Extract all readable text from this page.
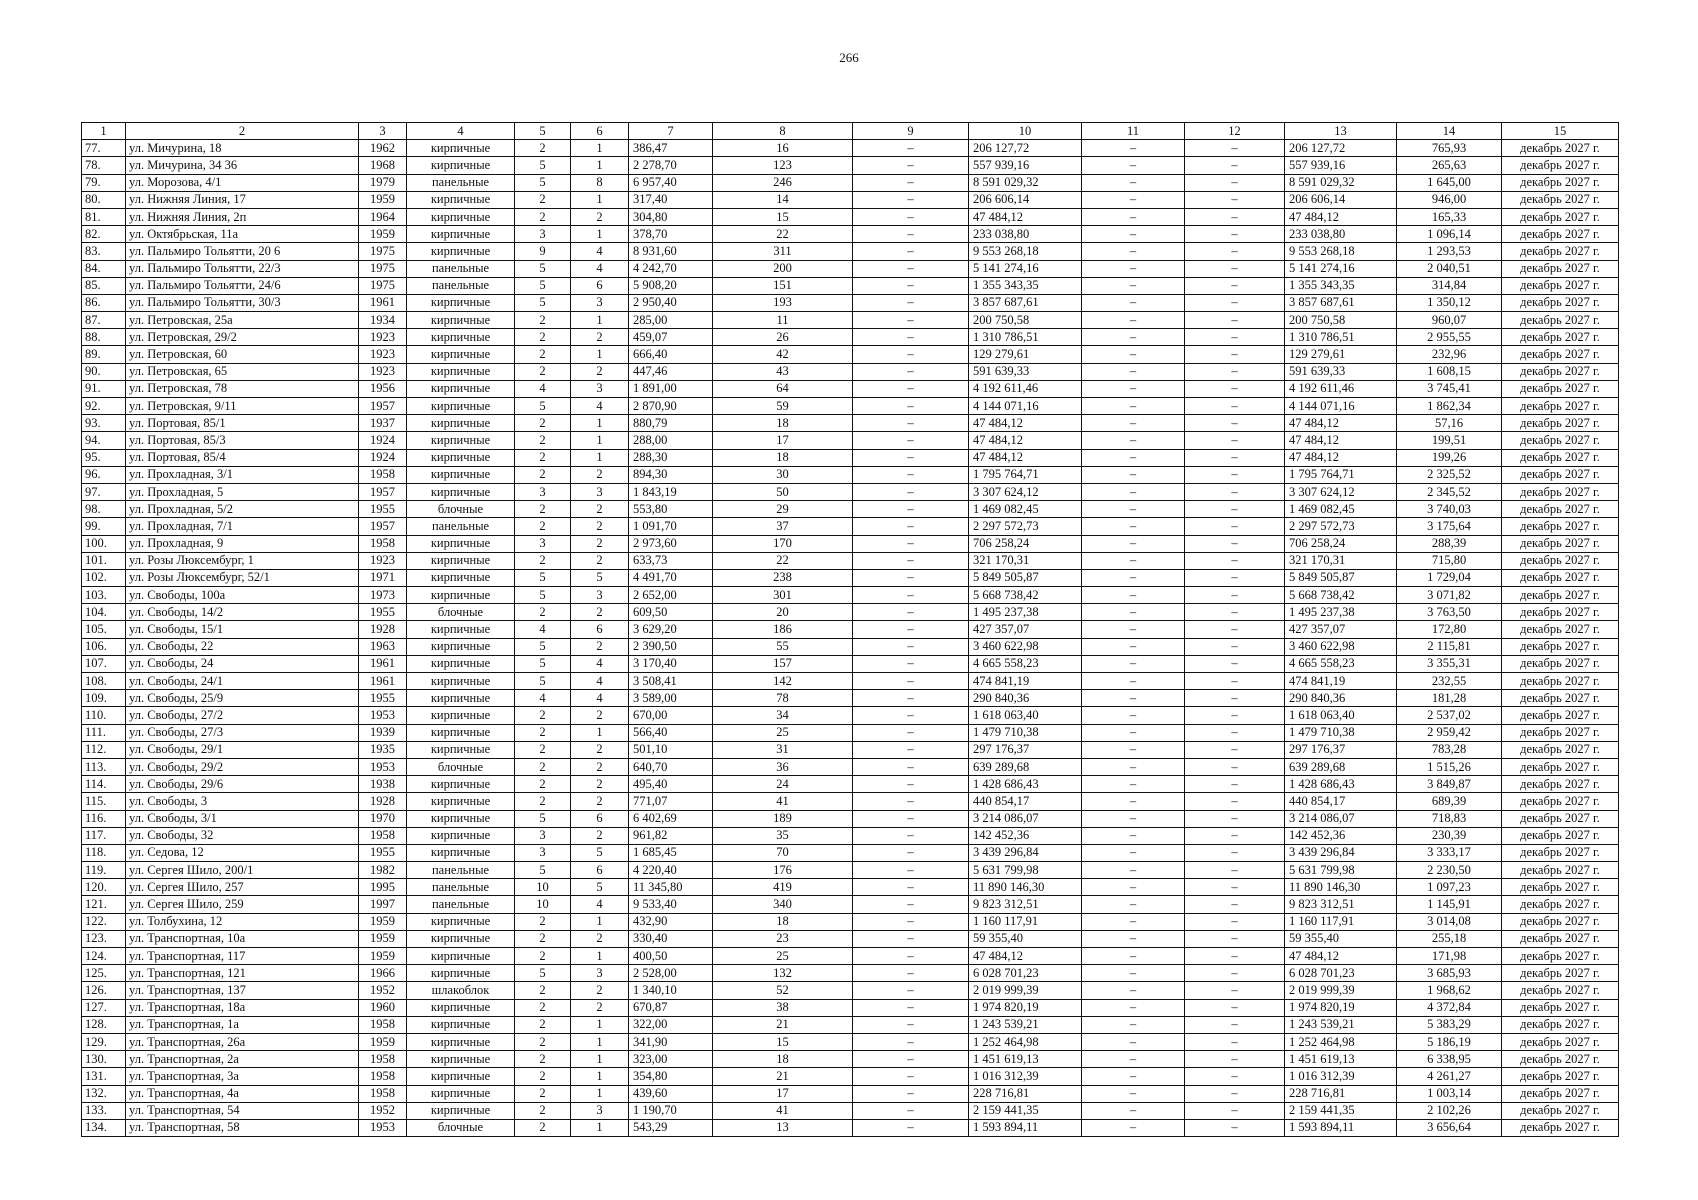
266
1	2	3	4	5	6	7	8	9	10	11	12	13	14	15
77.	ул. Мичурина, 18	1962	кирпичные	2	1	386,47	16	–	206 127,72	–	–	206 127,72	765,93	декабрь 2027 г.
78.	ул. Мичурина, 34 36	1968	кирпичные	5	1	2 278,70	123	–	557 939,16	–	–	557 939,16	265,63	декабрь 2027 г.
79.	ул. Морозова, 4/1	1979	панельные	5	8	6 957,40	246	–	8 591 029,32	–	–	8 591 029,32	1 645,00	декабрь 2027 г.
80.	ул. Нижняя Линия, 17	1959	кирпичные	2	1	317,40	14	–	206 606,14	–	–	206 606,14	946,00	декабрь 2027 г.
81.	ул. Нижняя Линия, 2п	1964	кирпичные	2	2	304,80	15	–	47 484,12	–	–	47 484,12	165,33	декабрь 2027 г.
82.	ул. Октябрьская, 11а	1959	кирпичные	3	1	378,70	22	–	233 038,80	–	–	233 038,80	1 096,14	декабрь 2027 г.
83.	ул. Пальмиро Тольятти, 20 6	1975	кирпичные	9	4	8 931,60	311	–	9 553 268,18	–	–	9 553 268,18	1 293,53	декабрь 2027 г.
84.	ул. Пальмиро Тольятти, 22/3	1975	панельные	5	4	4 242,70	200	–	5 141 274,16	–	–	5 141 274,16	2 040,51	декабрь 2027 г.
85.	ул. Пальмиро Тольятти, 24/6	1975	панельные	5	6	5 908,20	151	–	1 355 343,35	–	–	1 355 343,35	314,84	декабрь 2027 г.
86.	ул. Пальмиро Тольятти, 30/3	1961	кирпичные	5	3	2 950,40	193	–	3 857 687,61	–	–	3 857 687,61	1 350,12	декабрь 2027 г.
87.	ул. Петровская, 25а	1934	кирпичные	2	1	285,00	11	–	200 750,58	–	–	200 750,58	960,07	декабрь 2027 г.
88.	ул. Петровская, 29/2	1923	кирпичные	2	2	459,07	26	–	1 310 786,51	–	–	1 310 786,51	2 955,55	декабрь 2027 г.
89.	ул. Петровская, 60	1923	кирпичные	2	1	666,40	42	–	129 279,61	–	–	129 279,61	232,96	декабрь 2027 г.
90.	ул. Петровская, 65	1923	кирпичные	2	2	447,46	43	–	591 639,33	–	–	591 639,33	1 608,15	декабрь 2027 г.
91.	ул. Петровская, 78	1956	кирпичные	4	3	1 891,00	64	–	4 192 611,46	–	–	4 192 611,46	3 745,41	декабрь 2027 г.
92.	ул. Петровская, 9/11	1957	кирпичные	5	4	2 870,90	59	–	4 144 071,16	–	–	4 144 071,16	1 862,34	декабрь 2027 г.
93.	ул. Портовая, 85/1	1937	кирпичные	2	1	880,79	18	–	47 484,12	–	–	47 484,12	57,16	декабрь 2027 г.
94.	ул. Портовая, 85/3	1924	кирпичные	2	1	288,00	17	–	47 484,12	–	–	47 484,12	199,51	декабрь 2027 г.
95.	ул. Портовая, 85/4	1924	кирпичные	2	1	288,30	18	–	47 484,12	–	–	47 484,12	199,26	декабрь 2027 г.
96.	ул. Прохладная, 3/1	1958	кирпичные	2	2	894,30	30	–	1 795 764,71	–	–	1 795 764,71	2 325,52	декабрь 2027 г.
97.	ул. Прохладная, 5	1957	кирпичные	3	3	1 843,19	50	–	3 307 624,12	–	–	3 307 624,12	2 345,52	декабрь 2027 г.
98.	ул. Прохладная, 5/2	1955	блочные	2	2	553,80	29	–	1 469 082,45	–	–	1 469 082,45	3 740,03	декабрь 2027 г.
99.	ул. Прохладная, 7/1	1957	панельные	2	2	1 091,70	37	–	2 297 572,73	–	–	2 297 572,73	3 175,64	декабрь 2027 г.
100.	ул. Прохладная, 9	1958	кирпичные	3	2	2 973,60	170	–	706 258,24	–	–	706 258,24	288,39	декабрь 2027 г.
101.	ул. Розы Люксембург, 1	1923	кирпичные	2	2	633,73	22	–	321 170,31	–	–	321 170,31	715,80	декабрь 2027 г.
102.	ул. Розы Люксембург, 52/1	1971	кирпичные	5	5	4 491,70	238	–	5 849 505,87	–	–	5 849 505,87	1 729,04	декабрь 2027 г.
103.	ул. Свободы, 100а	1973	кирпичные	5	3	2 652,00	301	–	5 668 738,42	–	–	5 668 738,42	3 071,82	декабрь 2027 г.
104.	ул. Свободы, 14/2	1955	блочные	2	2	609,50	20	–	1 495 237,38	–	–	1 495 237,38	3 763,50	декабрь 2027 г.
105.	ул. Свободы, 15/1	1928	кирпичные	4	6	3 629,20	186	–	427 357,07	–	–	427 357,07	172,80	декабрь 2027 г.
106.	ул. Свободы, 22	1963	кирпичные	5	2	2 390,50	55	–	3 460 622,98	–	–	3 460 622,98	2 115,81	декабрь 2027 г.
107.	ул. Свободы, 24	1961	кирпичные	5	4	3 170,40	157	–	4 665 558,23	–	–	4 665 558,23	3 355,31	декабрь 2027 г.
108.	ул. Свободы, 24/1	1961	кирпичные	5	4	3 508,41	142	–	474 841,19	–	–	474 841,19	232,55	декабрь 2027 г.
109.	ул. Свободы, 25/9	1955	кирпичные	4	4	3 589,00	78	–	290 840,36	–	–	290 840,36	181,28	декабрь 2027 г.
110.	ул. Свободы, 27/2	1953	кирпичные	2	2	670,00	34	–	1 618 063,40	–	–	1 618 063,40	2 537,02	декабрь 2027 г.
111.	ул. Свободы, 27/3	1939	кирпичные	2	1	566,40	25	–	1 479 710,38	–	–	1 479 710,38	2 959,42	декабрь 2027 г.
112.	ул. Свободы, 29/1	1935	кирпичные	2	2	501,10	31	–	297 176,37	–	–	297 176,37	783,28	декабрь 2027 г.
113.	ул. Свободы, 29/2	1953	блочные	2	2	640,70	36	–	639 289,68	–	–	639 289,68	1 515,26	декабрь 2027 г.
114.	ул. Свободы, 29/6	1938	кирпичные	2	2	495,40	24	–	1 428 686,43	–	–	1 428 686,43	3 849,87	декабрь 2027 г.
115.	ул. Свободы, 3	1928	кирпичные	2	2	771,07	41	–	440 854,17	–	–	440 854,17	689,39	декабрь 2027 г.
116.	ул. Свободы, 3/1	1970	кирпичные	5	6	6 402,69	189	–	3 214 086,07	–	–	3 214 086,07	718,83	декабрь 2027 г.
117.	ул. Свободы, 32	1958	кирпичные	3	2	961,82	35	–	142 452,36	–	–	142 452,36	230,39	декабрь 2027 г.
118.	ул. Седова, 12	1955	кирпичные	3	5	1 685,45	70	–	3 439 296,84	–	–	3 439 296,84	3 333,17	декабрь 2027 г.
119.	ул. Сергея Шило, 200/1	1982	панельные	5	6	4 220,40	176	–	5 631 799,98	–	–	5 631 799,98	2 230,50	декабрь 2027 г.
120.	ул. Сергея Шило, 257	1995	панельные	10	5	11 345,80	419	–	11 890 146,30	–	–	11 890 146,30	1 097,23	декабрь 2027 г.
121.	ул. Сергея Шило, 259	1997	панельные	10	4	9 533,40	340	–	9 823 312,51	–	–	9 823 312,51	1 145,91	декабрь 2027 г.
122.	ул. Толбухина, 12	1959	кирпичные	2	1	432,90	18	–	1 160 117,91	–	–	1 160 117,91	3 014,08	декабрь 2027 г.
123.	ул. Транспортная, 10а	1959	кирпичные	2	2	330,40	23	–	59 355,40	–	–	59 355,40	255,18	декабрь 2027 г.
124.	ул. Транспортная, 117	1959	кирпичные	2	1	400,50	25	–	47 484,12	–	–	47 484,12	171,98	декабрь 2027 г.
125.	ул. Транспортная, 121	1966	кирпичные	5	3	2 528,00	132	–	6 028 701,23	–	–	6 028 701,23	3 685,93	декабрь 2027 г.
126.	ул. Транспортная, 137	1952	шлакоблок	2	2	1 340,10	52	–	2 019 999,39	–	–	2 019 999,39	1 968,62	декабрь 2027 г.
127.	ул. Транспортная, 18а	1960	кирпичные	2	2	670,87	38	–	1 974 820,19	–	–	1 974 820,19	4 372,84	декабрь 2027 г.
128.	ул. Транспортная, 1а	1958	кирпичные	2	1	322,00	21	–	1 243 539,21	–	–	1 243 539,21	5 383,29	декабрь 2027 г.
129.	ул. Транспортная, 26а	1959	кирпичные	2	1	341,90	15	–	1 252 464,98	–	–	1 252 464,98	5 186,19	декабрь 2027 г.
130.	ул. Транспортная, 2а	1958	кирпичные	2	1	323,00	18	–	1 451 619,13	–	–	1 451 619,13	6 338,95	декабрь 2027 г.
131.	ул. Транспортная, 3а	1958	кирпичные	2	1	354,80	21	–	1 016 312,39	–	–	1 016 312,39	4 261,27	декабрь 2027 г.
132.	ул. Транспортная, 4а	1958	кирпичные	2	1	439,60	17	–	228 716,81	–	–	228 716,81	1 003,14	декабрь 2027 г.
133.	ул. Транспортная, 54	1952	кирпичные	2	3	1 190,70	41	–	2 159 441,35	–	–	2 159 441,35	2 102,26	декабрь 2027 г.
134.	ул. Транспортная, 58	1953	блочные	2	1	543,29	13	–	1 593 894,11	–	–	1 593 894,11	3 656,64	декабрь 2027 г.
